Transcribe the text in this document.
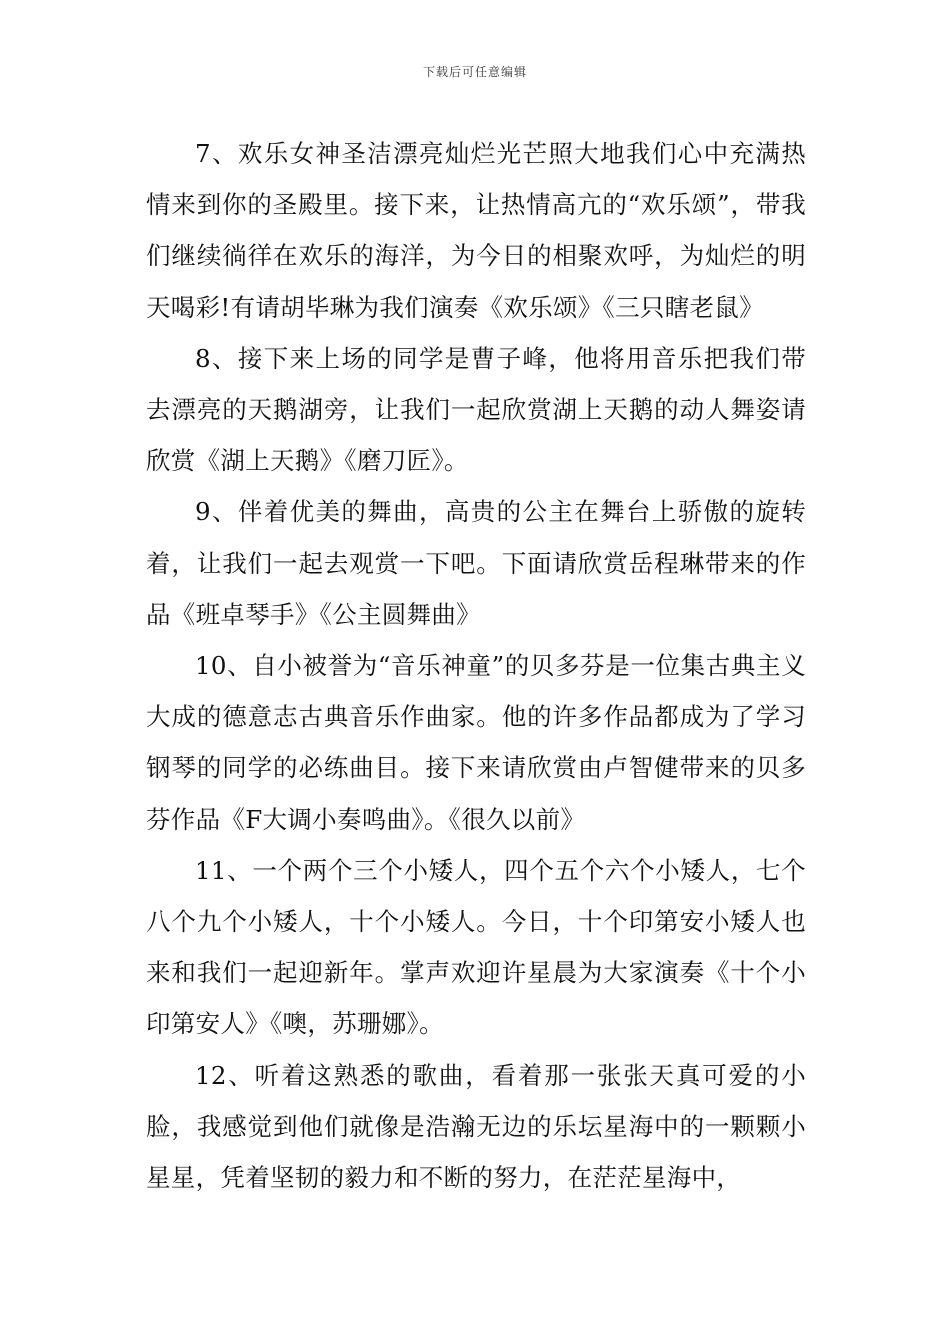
下载后可任意编辑

7、欢乐女神圣洁漂亮灿烂光芒照大地我们心中充满热情来到你的圣殿里。接下来，让热情高亢的“欢乐颂”，带我们继续徜徉在欢乐的海洋，为今日的相聚欢呼，为灿烂的明天喝彩!有请胡毕琳为我们演奏《欢乐颂》《三只瞎老鼠》

8、接下来上场的同学是曹子峰，他将用音乐把我们带去漂亮的天鹅湖旁，让我们一起欣赏湖上天鹅的动人舞姿请欣赏《湖上天鹅》《磨刀匠》。

9、伴着优美的舞曲，高贵的公主在舞台上骄傲的旋转着，让我们一起去观赏一下吧。下面请欣赏岳程琳带来的作品《班卓琴手》《公主圆舞曲》

10、自小被誉为“音乐神童”的贝多芬是一位集古典主义大成的德意志古典音乐作曲家。他的许多作品都成为了学习钢琴的同学的必练曲目。接下来请欣赏由卢智健带来的贝多芬作品《F大调小奏鸣曲》。《很久以前》

11、一个两个三个小矮人，四个五个六个小矮人，七个八个九个小矮人，十个小矮人。今日，十个印第安小矮人也来和我们一起迎新年。掌声欢迎许星晨为大家演奏《十个小印第安人》《噢，苏珊娜》。

12、听着这熟悉的歌曲，看着那一张张天真可爱的小脸，我感觉到他们就像是浩瀚无边的乐坛星海中的一颗颗小星星，凭着坚韧的毅力和不断的努力，在茫茫星海中，
